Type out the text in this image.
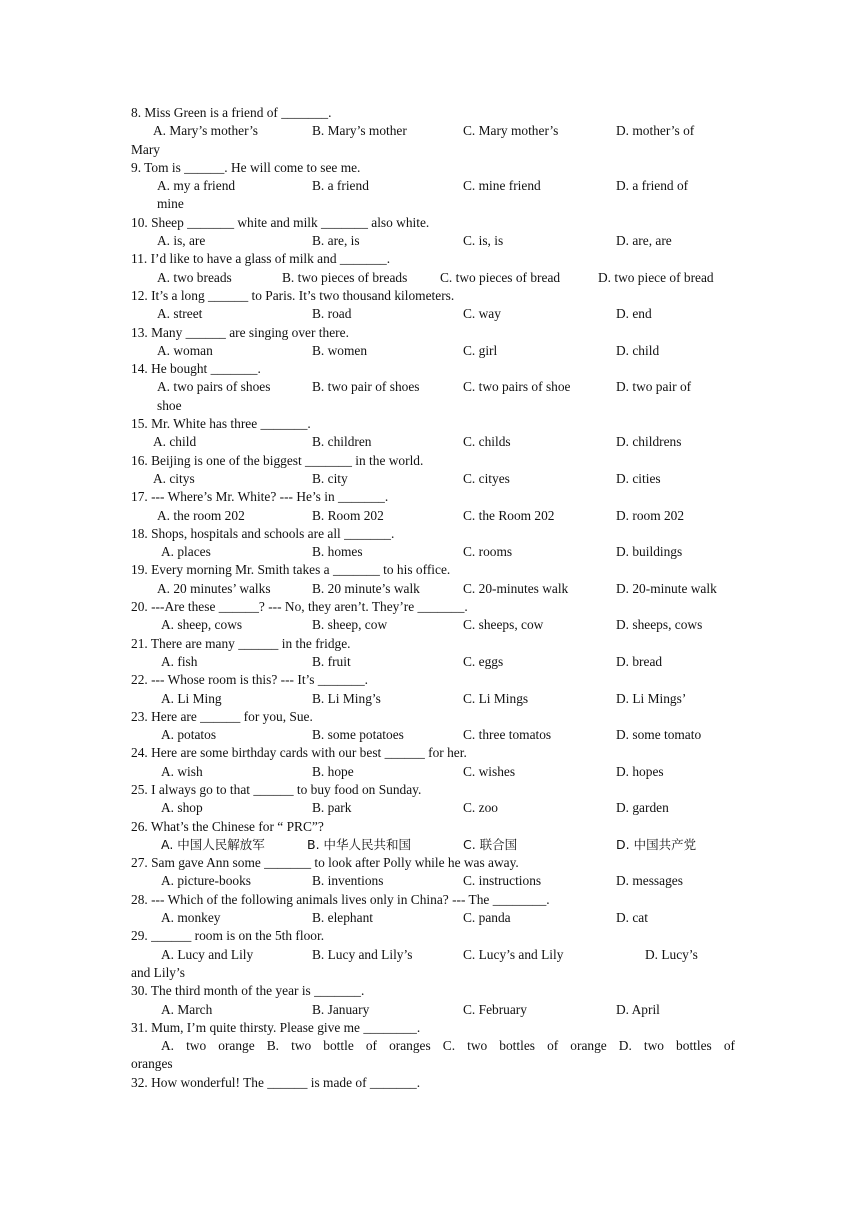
8. Miss Green is a friend of _______.
A. Mary’s mother’s	B. Mary’s mother	C. Mary mother’s	D. mother’s of
Mary
9. Tom is ______. He will come to see me.
A. my a friend	B. a friend	C. mine friend	D. a friend of
mine
10. Sheep _______ white and milk _______ also white.
A. is, are	B. are, is	C. is, is	D. are, are
11. I’d like to have a glass of milk and _______.
A. two breads	B. two pieces of breads C. two pieces of bread	D. two piece of bread
12. It’s a long ______ to Paris. It’s two thousand kilometers.
A. street	B. road	C. way	D. end
13. Many ______ are singing over there.
A. woman	B. women	C. girl	D. child
14. He bought _______.
A. two pairs of shoes	B. two pair of shoes	C. two pairs of shoe	D. two pair of
shoe
15. Mr. White has three _______.
A. child	B. children	C. childs	D. childrens
16. Beijing is one of the biggest _______ in the world.
A. citys	B. city	C. cityes	D. cities
17. --- Where’s Mr. White? --- He’s in _______.
A. the room 202	B. Room 202	C. the Room 202	D. room 202
18. Shops, hospitals and schools are all _______.
A. places	B. homes	C. rooms	D. buildings
19. Every morning Mr. Smith takes a _______ to his office.
A. 20 minutes’ walks	B. 20 minute’s walk	C. 20-minutes walk	D. 20-minute walk
20. ---Are these ______? --- No, they aren’t. They’re _______.
A. sheep, cows	B. sheep, cow	C. sheeps, cow	D. sheeps, cows
21. There are many ______ in the fridge.
A. fish	B. fruit	C. eggs	D. bread
22. --- Whose room is this? --- It’s _______.
A. Li Ming	B. Li Ming’s	C. Li Mings	D. Li Mings’
23. Here are ______ for you, Sue.
A. potatos	B. some potatoes	C. three tomatos	D. some tomato
24. Here are some birthday cards with our best ______ for her.
A. wish	B. hope	C. wishes	D. hopes
25. I always go to that ______ to buy food on Sunday.
A. shop	B. park	C. zoo	D. garden
26. What’s the Chinese for “ PRC”?
A. 中国人民解放军	B. 中华人民共和国	C. 联合国	D. 中国共产党
27. Sam gave Ann some _______ to look after Polly while he was away.
A. picture-books	B. inventions	C. instructions	D. messages
28. --- Which of the following animals lives only in China? --- The ________.
A. monkey	B. elephant	C. panda	D. cat
29. ______ room is on the 5th floor.
A. Lucy and Lily	B. Lucy and Lily’s	C. Lucy’s and Lily	D. Lucy’s
and Lily’s
30. The third month of the year is _______.
A. March	B. January	C. February	D. April
31. Mum, I’m quite thirsty. Please give me ________.
A. two orange B. two bottle of oranges C. two bottles of orange D. two bottles of
oranges
32. How wonderful! The ______ is made of _______.
